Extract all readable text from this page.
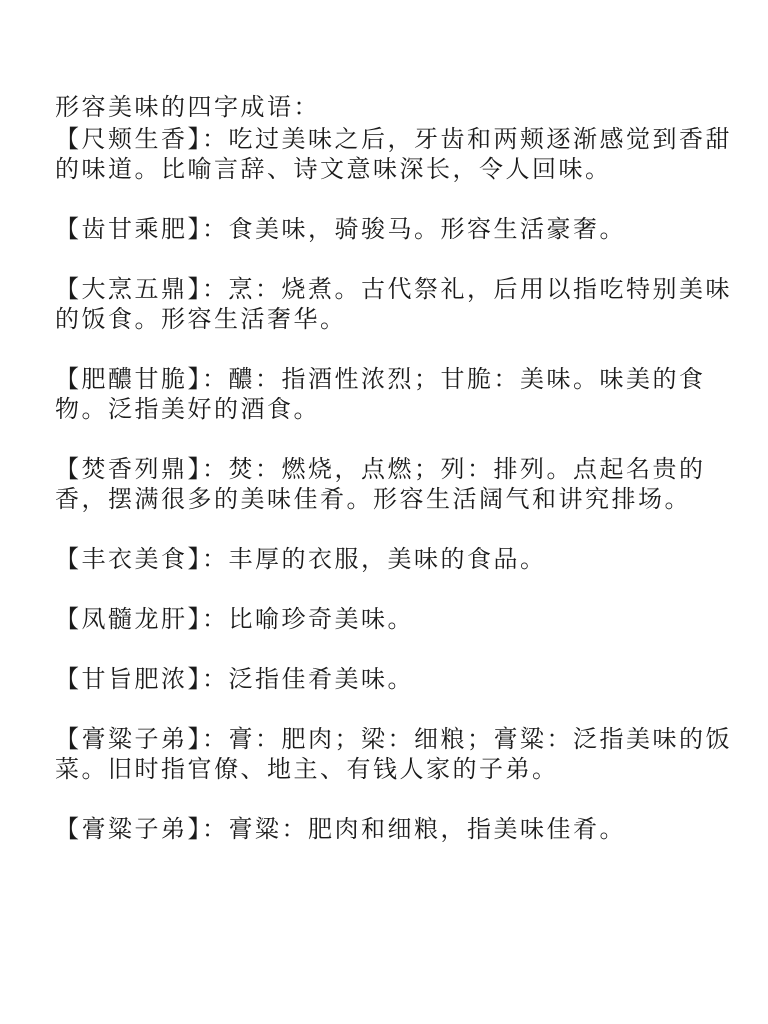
形容美味的四字成语：

【尺颊生香】：吃过美味之后，牙齿和两颊逐渐感觉到香甜的味道。比喻言辞、诗文意味深长，令人回味。

【齿甘乘肥】：食美味，骑骏马。形容生活豪奢。

【大烹五鼎】：烹：烧煮。古代祭礼，后用以指吃特别美味的饭食。形容生活奢华。

【肥醲甘脆】：醲：指酒性浓烈；甘脆：美味。味美的食物。泛指美好的酒食。

【焚香列鼎】：焚：燃烧，点燃；列：排列。点起名贵的香，摆满很多的美味佳肴。形容生活阔气和讲究排场。

【丰衣美食】：丰厚的衣服，美味的食品。

【凤髓龙肝】：比喻珍奇美味。

【甘旨肥浓】：泛指佳肴美味。

【膏粱子弟】：膏：肥肉；梁：细粮；膏粱：泛指美味的饭菜。旧时指官僚、地主、有钱人家的子弟。

【膏粱子弟】：膏粱：肥肉和细粮，指美味佳肴。
